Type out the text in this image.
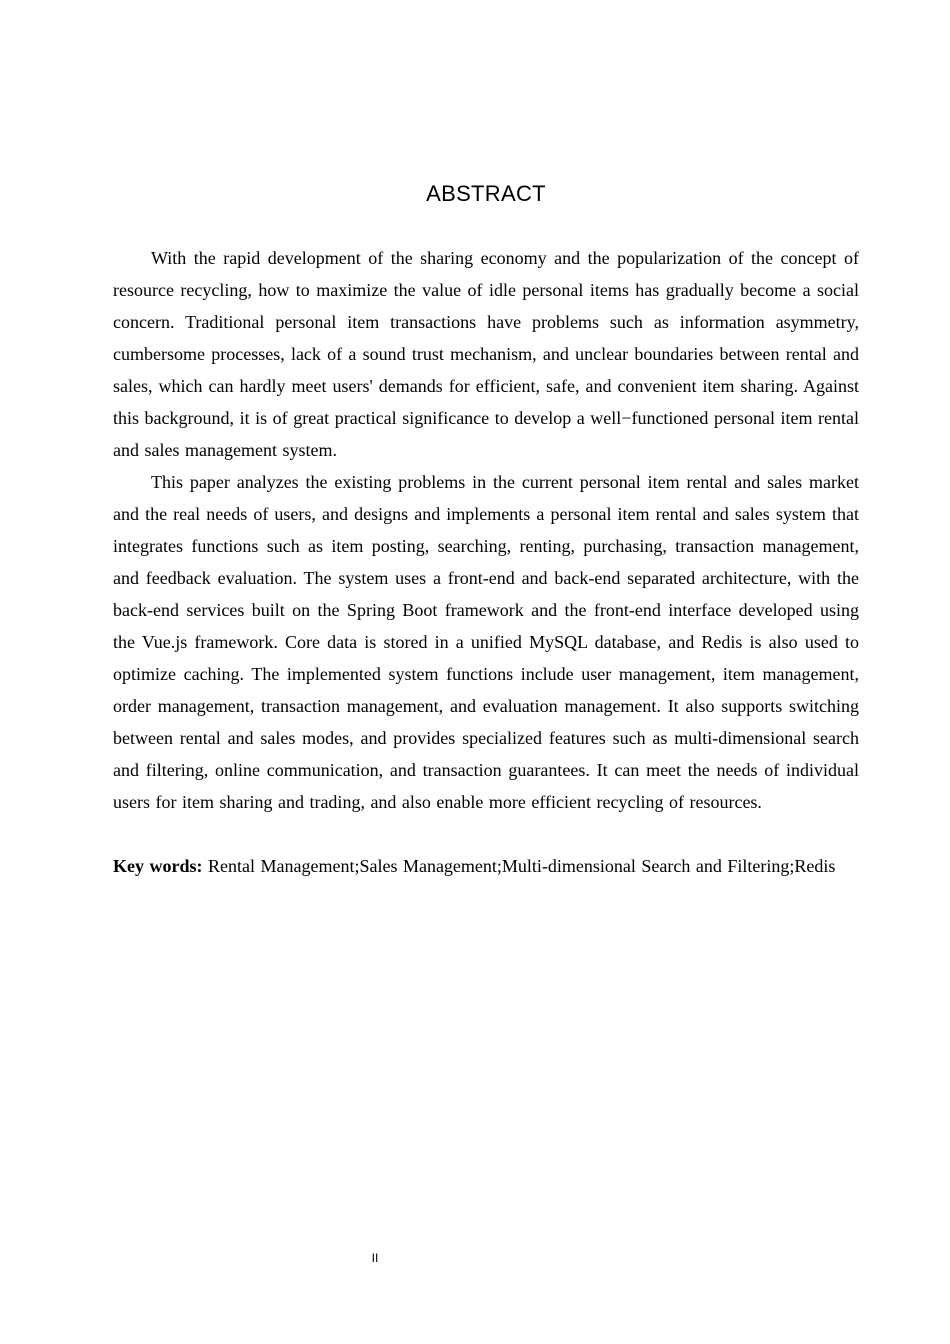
ABSTRACT

With the rapid development of the sharing economy and the popularization of the concept of resource recycling, how to maximize the value of idle personal items has gradually become a social concern. Traditional personal item transactions have problems such as information asymmetry, cumbersome processes, lack of a sound trust mechanism, and unclear boundaries between rental and sales, which can hardly meet users' demands for efficient, safe, and convenient item sharing. Against this background, it is of great practical significance to develop a well−functioned personal item rental and sales management system.

This paper analyzes the existing problems in the current personal item rental and sales market and the real needs of users, and designs and implements a personal item rental and sales system that integrates functions such as item posting, searching, renting, purchasing, transaction management, and feedback evaluation. The system uses a front-end and back-end separated architecture, with the back-end services built on the Spring Boot framework and the front-end interface developed using the Vue.js framework. Core data is stored in a unified MySQL database, and Redis is also used to optimize caching. The implemented system functions include user management, item management, order management, transaction management, and evaluation management. It also supports switching between rental and sales modes, and provides specialized features such as multi-dimensional search and filtering, online communication, and transaction guarantees. It can meet the needs of individual users for item sharing and trading, and also enable more efficient recycling of resources.

Key words: Rental Management;Sales Management;Multi-dimensional Search and Filtering;Redis

II
